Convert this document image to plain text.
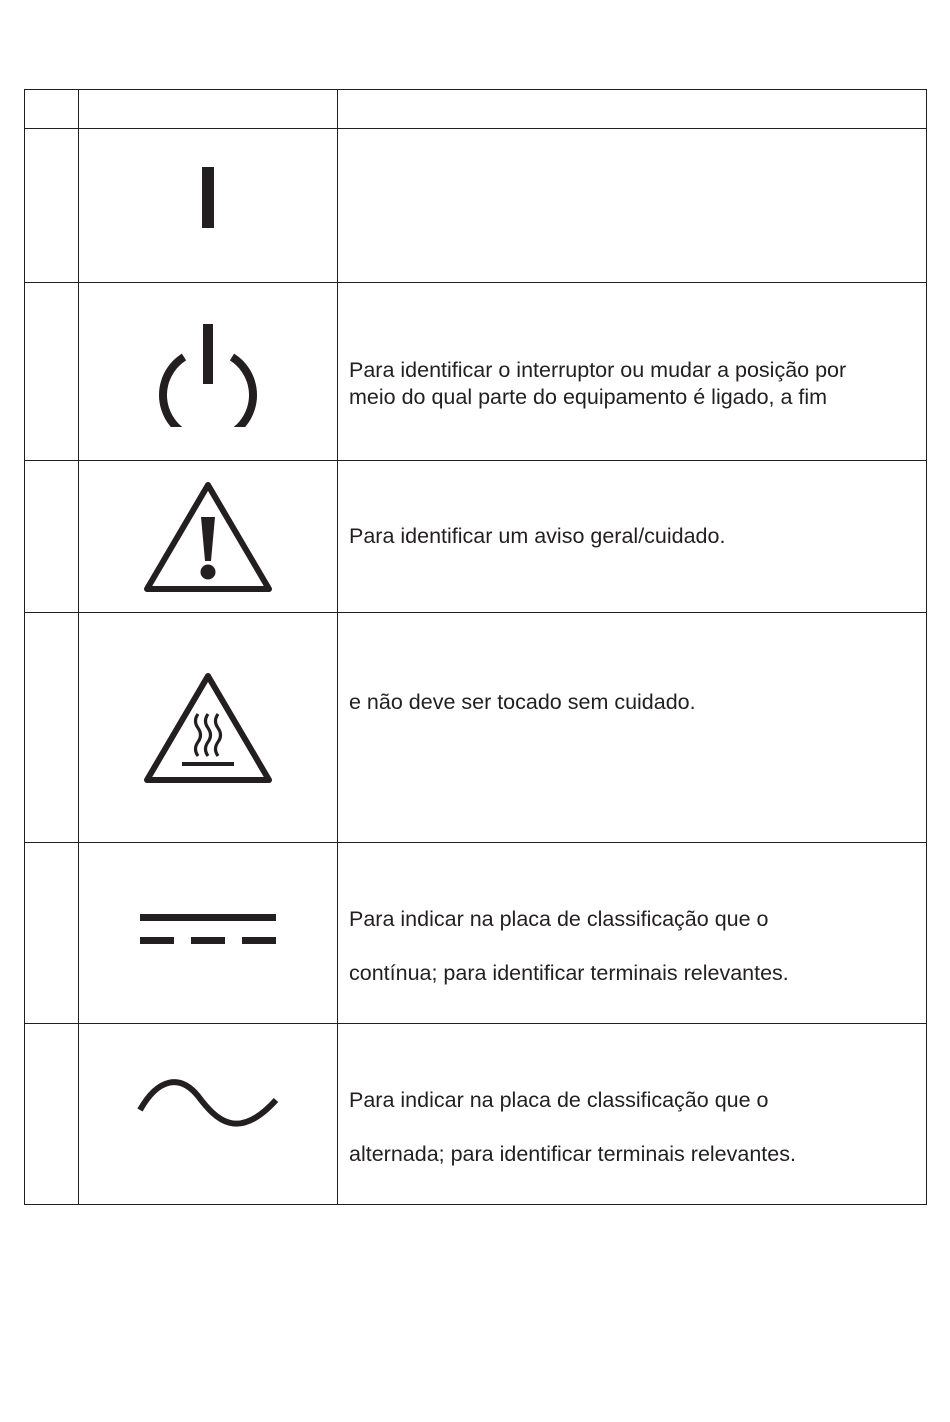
Para identificar o interruptor ou mudar a posição por
meio do qual parte do equipamento é ligado, a fim

Para identificar um aviso geral/cuidado.

e não deve ser tocado sem cuidado.

Para indicar na placa de classificação que o
contínua; para identificar terminais relevantes.

Para indicar na placa de classificação que o
alternada; para identificar terminais relevantes.
